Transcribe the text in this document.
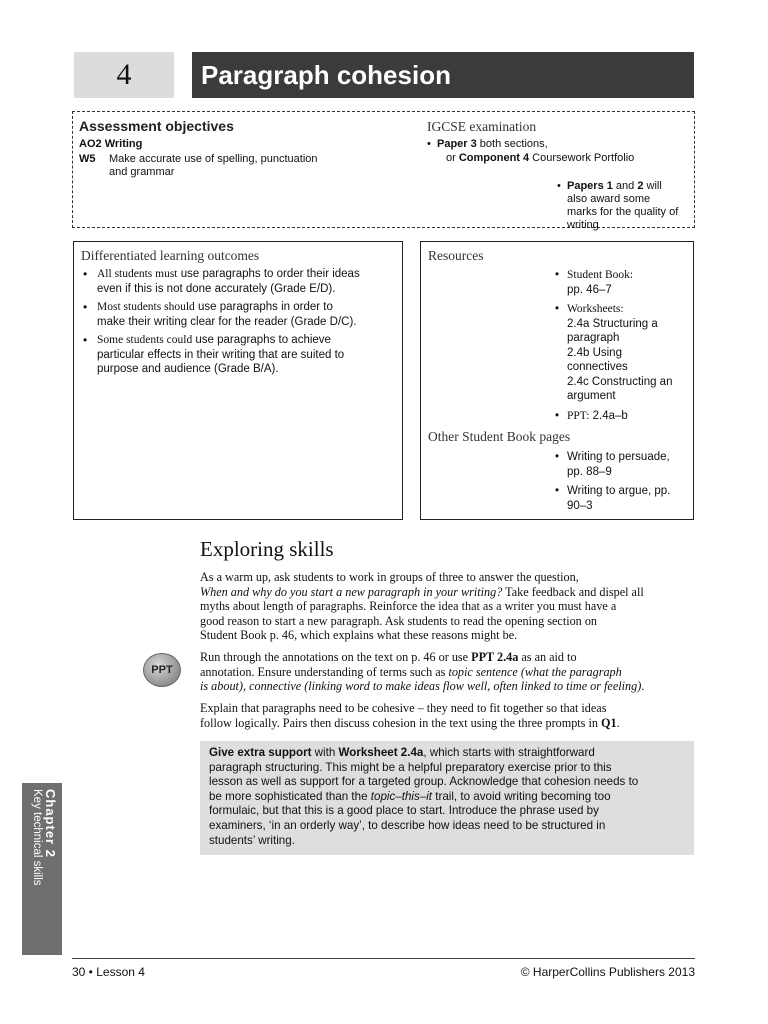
4	Paragraph cohesion
Assessment objectives
AO2 Writing
W5 Make accurate use of spelling, punctuation
and grammar
IGCSE examination
• Paper 3 both sections,
or Component 4 Coursework Portfolio
• Papers 1 and 2 will
also award some
marks for the quality of
writing
Differentiated learning outcomes
• All students must use paragraphs to order their ideas
even if this is not done accurately (Grade E/D).
• Most students should use paragraphs in order to
make their writing clear for the reader (Grade D/C).
• Some students could use paragraphs to achieve
particular effects in their writing that are suited to
purpose and audience (Grade B/A).
Resources
• Student Book:
pp. 46–7
• Worksheets:
2.4a Structuring a
paragraph
2.4b Using
connectives
2.4c Constructing an
argument
• PPT: 2.4a–b
Other Student Book pages
• Writing to persuade,
pp. 88–9
• Writing to argue, pp.
90–3
Exploring skills
As a warm up, ask students to work in groups of three to answer the question,
When and why do you start a new paragraph in your writing? Take feedback and dispel all
myths about length of paragraphs. Reinforce the idea that as a writer you must have a
good reason to start a new paragraph. Ask students to read the opening section on
Student Book p. 46, which explains what these reasons might be.
PPT
Run through the annotations on the text on p. 46 or use PPT 2.4a as an aid to
annotation. Ensure understanding of terms such as topic sentence (what the paragraph
is about), connective (linking word to make ideas flow well, often linked to time or feeling).
Explain that paragraphs need to be cohesive – they need to fit together so that ideas
follow logically. Pairs then discuss cohesion in the text using the three prompts in Q1.
Give extra support with Worksheet 2.4a, which starts with straightforward
paragraph structuring. This might be a helpful preparatory exercise prior to this
lesson as well as support for a targeted group. Acknowledge that cohesion needs to
be more sophisticated than the topic–this–it trail, to avoid writing becoming too
formulaic, but that this is a good place to start. Introduce the phrase used by
examiners, ‘in an orderly way’, to describe how ideas need to be structured in
students’ writing.
Chapter 2
Key technical skills
30 • Lesson 4	© HarperCollins Publishers 2013
